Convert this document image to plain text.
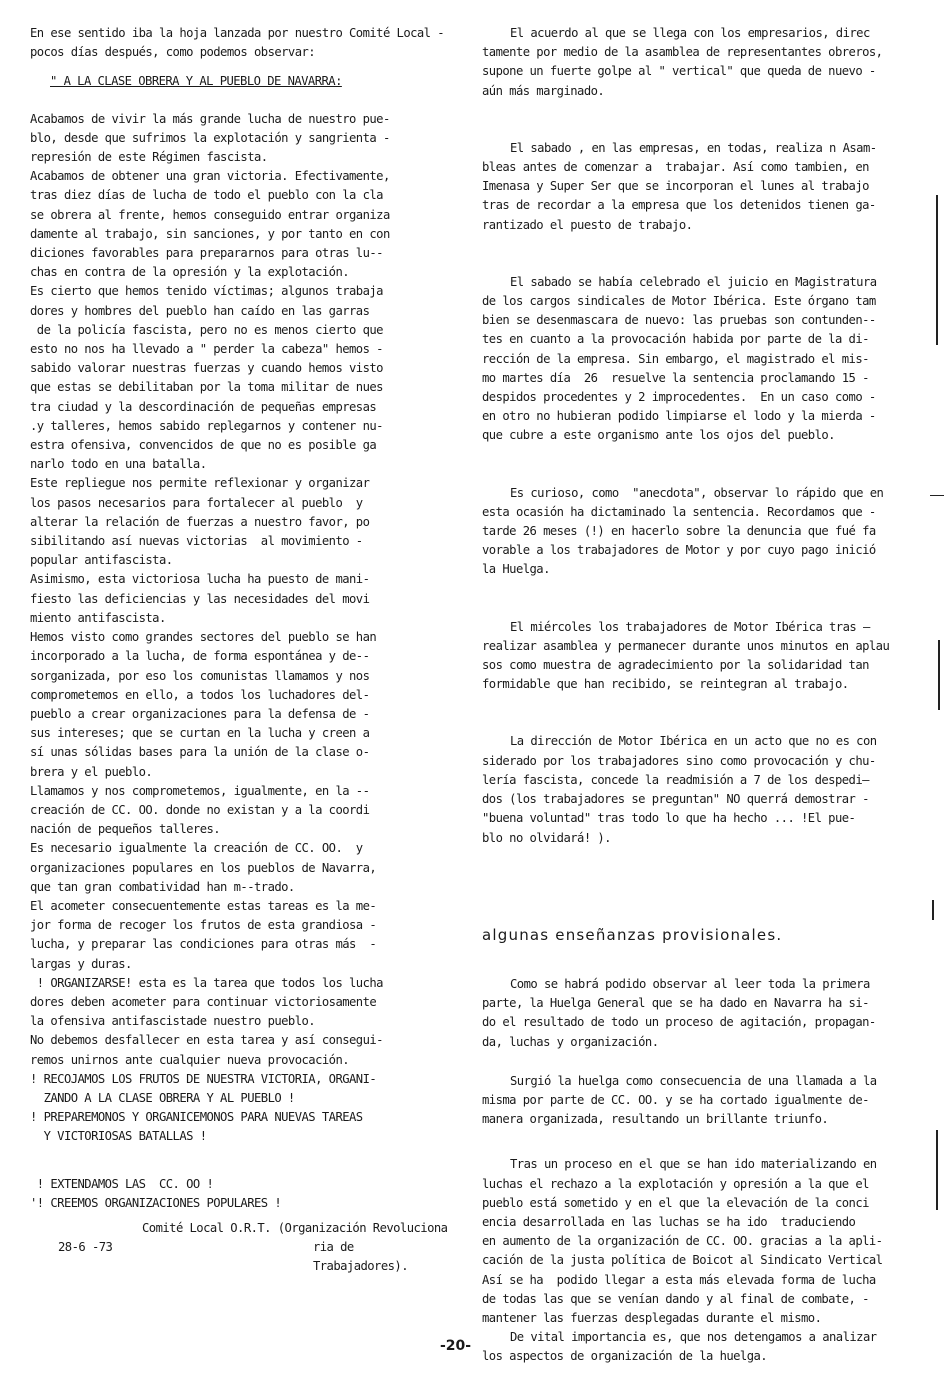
En ese sentido iba la hoja lanzada por nuestro Comité Local -
pocos días después, como podemos observar:

" A LA CLASE OBRERA Y AL PUEBLO DE NAVARRA:

Acabamos de vivir la más grande lucha de nuestro pue-
blo, desde que sufrimos la explotación y sangrienta -
represión de este Régimen fascista.
Acabamos de obtener una gran victoria. Efectivamente,
tras diez días de lucha de todo el pueblo con la cla
se obrera al frente, hemos conseguido entrar organiza
damente al trabajo, sin sanciones, y por tanto en con
diciones favorables para prepararnos para otras lu--
chas en contra de la opresión y la explotación.
Es cierto que hemos tenido víctimas; algunos trabaja
dores y hombres del pueblo han caído en las garras
de la policía fascista, pero no es menos cierto que
esto no nos ha llevado a " perder la cabeza" hemos -
sabido valorar nuestras fuerzas y cuando hemos visto
que estas se debilitaban por la toma militar de nues
tra ciudad y la descordinación de pequeñas empresas
.y talleres, hemos sabido replegarnos y contener nu-
estra ofensiva, convencidos de que no es posible ga
narlo todo en una batalla.
Este repliegue nos permite reflexionar y organizar
los pasos necesarios para fortalecer al pueblo  y
alterar la relación de fuerzas a nuestro favor, po
sibilitando así nuevas victorias  al movimiento -
popular antifascista.
Asimismo, esta victoriosa lucha ha puesto de mani-
fiesto las deficiencias y las necesidades del movi
miento antifascista.
Hemos visto como grandes sectores del pueblo se han
incorporado a la lucha, de forma espontánea y de--
sorganizada, por eso los comunistas llamamos y nos
comprometemos en ello, a todos los luchadores del-
pueblo a crear organizaciones para la defensa de -
sus intereses; que se curtan en la lucha y creen a
sí unas sólidas bases para la unión de la clase o-
brera y el pueblo.
Llamamos y nos comprometemos, igualmente, en la --
creación de CC. OO. donde no existan y a la coordi
nación de pequeños talleres.
Es necesario igualmente la creación de CC. OO.  y
organizaciones populares en los pueblos de Navarra,
que tan gran combatividad han m--trado.
El acometer consecuentemente estas tareas es la me-
jor forma de recoger los frutos de esta grandiosa -
lucha, y preparar las condiciones para otras más  -
largas y duras.
! ORGANIZARSE! esta es la tarea que todos los lucha
dores deben acometer para continuar victoriosamente
la ofensiva antifascistade nuestro pueblo.
No debemos desfallecer en esta tarea y así consegui-
remos unirnos ante cualquier nueva provocación.
! RECOJAMOS LOS FRUTOS DE NUESTRA VICTORIA, ORGANI-
ZANDO A LA CLASE OBRERA Y AL PUEBLO !
! PREPAREMONOS Y ORGANICEMONOS PARA NUEVAS TAREAS
Y VICTORIOSAS BATALLAS !

! EXTENDAMOS LAS  CC. OO !
'! CREEMOS ORGANIZACIONES POPULARES !

Comité Local O.R.T. (Organización Revoluciona

28-6 -73	ria de Trabajadores).

El acuerdo al que se llega con los empresarios, direc
tamente por medio de la asamblea de representantes obreros,
supone un fuerte golpe al " vertical" que queda de nuevo -
aún más marginado.

El sabado , en las empresas, en todas, realiza n Asam-
bleas antes de comenzar a  trabajar. Así como tambien, en
Imenasa y Super Ser que se incorporan el lunes al trabajo
tras de recordar a la empresa que los detenidos tienen ga-
rantizado el puesto de trabajo.

El sabado se había celebrado el juicio en Magistratura
de los cargos sindicales de Motor Ibérica. Este órgano tam
bien se desenmascara de nuevo: las pruebas son contunden--
tes en cuanto a la provocación habida por parte de la di-
rección de la empresa. Sin embargo, el magistrado el mis-
mo martes día  26  resuelve la sentencia proclamando 15 -
despidos procedentes y 2 improcedentes.  En un caso como -
en otro no hubieran podido limpiarse el lodo y la mierda -
que cubre a este organismo ante los ojos del pueblo.

Es curioso, como  "anecdota", observar lo rápido que en
esta ocasión ha dictaminado la sentencia. Recordamos que -
tarde 26 meses (!) en hacerlo sobre la denuncia que fué fa
vorable a los trabajadores de Motor y por cuyo pago inició
la Huelga.

El miércoles los trabajadores de Motor Ibérica tras —
realizar asamblea y permanecer durante unos minutos en aplau
sos como muestra de agradecimiento por la solidaridad tan
formidable que han recibido, se reintegran al trabajo.

La dirección de Motor Ibérica en un acto que no es con
siderado por los trabajadores sino como provocación y chu-
lería fascista, concede la readmisión a 7 de los despedi—
dos (los trabajadores se preguntan" NO querrá demostrar -
"buena voluntad" tras todo lo que ha hecho ... !El pue-
blo no olvidará! ).

algunas enseñanzas provisionales.

Como se habrá podido observar al leer toda la primera
parte, la Huelga General que se ha dado en Navarra ha si-
do el resultado de todo un proceso de agitación, propagan-
da, luchas y organización.

Surgió la huelga como consecuencia de una llamada a la
misma por parte de CC. OO. y se ha cortado igualmente de-
manera organizada, resultando un brillante triunfo.

Tras un proceso en el que se han ido materializando en
luchas el rechazo a la explotación y opresión a la que el
pueblo está sometido y en el que la elevación de la conci
encia desarrollada en las luchas se ha ido  traduciendo
en aumento de la organización de CC. OO. gracias a la apli-
cación de la justa política de Boicot al Sindicato Vertical
Así se ha  podido llegar a esta más elevada forma de lucha
de todas las que se venían dando y al final de combate, -
mantener las fuerzas desplegadas durante el mismo.

De vital importancia es, que nos detengamos a analizar
los aspectos de organización de la huelga.

-20-
